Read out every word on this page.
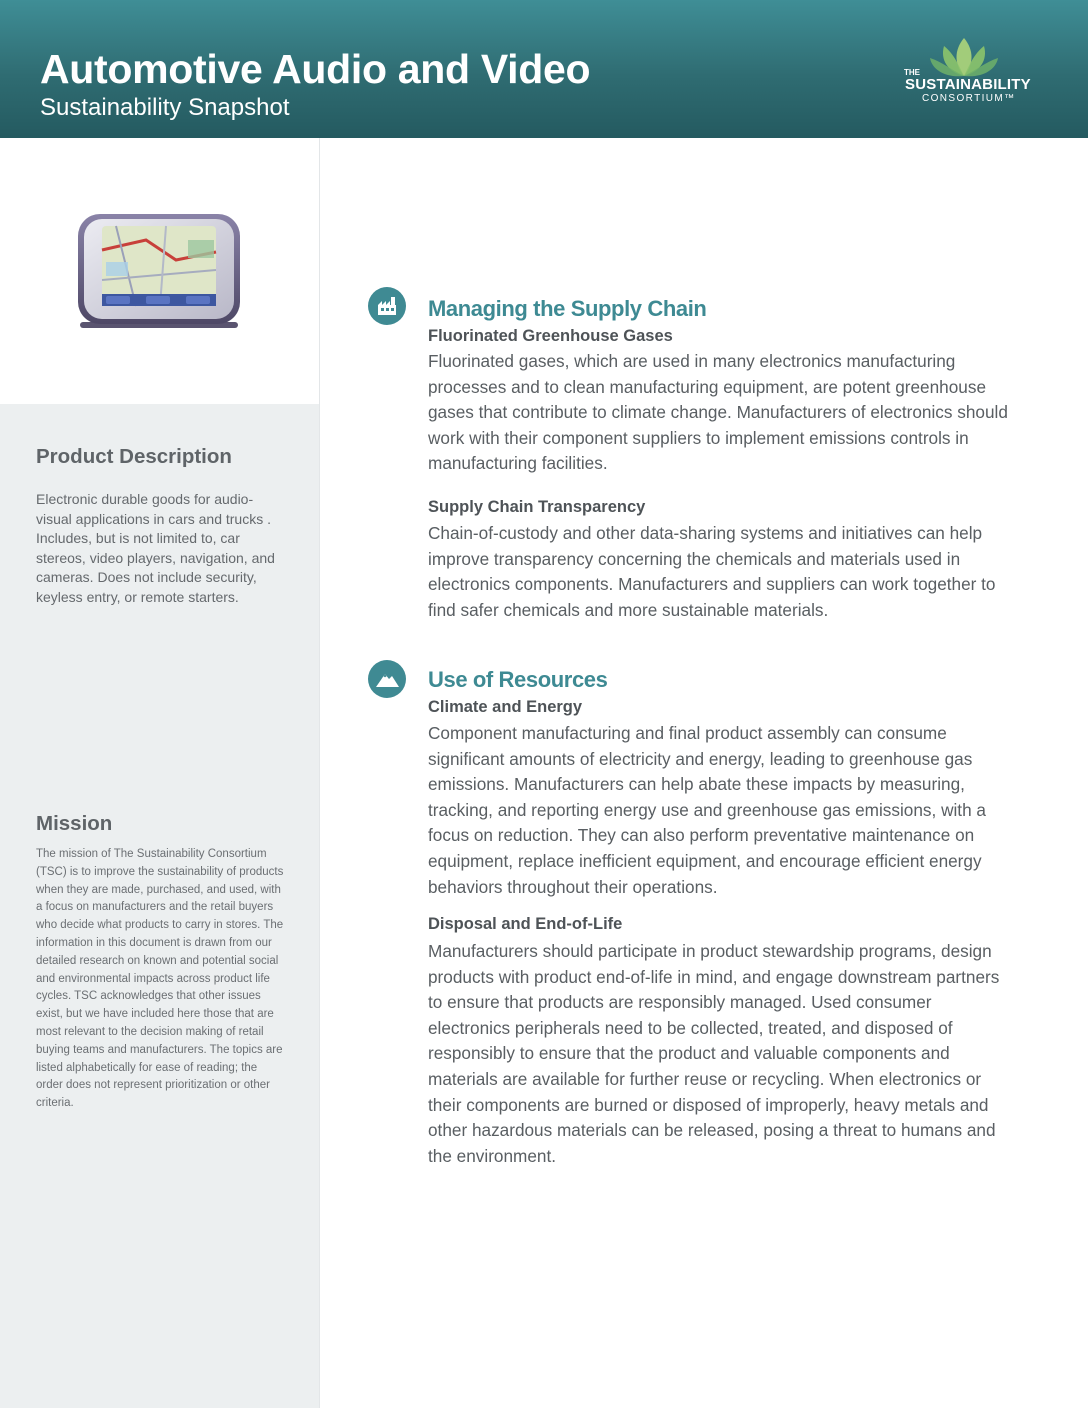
Automotive Audio and Video
Sustainability Snapshot
THE
SUSTAINABILITY
CONSORTIUM™
Product Description
Electronic durable goods for audio-visual applications in cars and trucks . Includes, but is not limited to, car stereos, video players, navigation, and cameras. Does not include security, keyless entry, or remote starters.
Mission
The mission of The Sustainability Consortium (TSC) is to improve the sustainability of products when they are made, purchased, and used, with a focus on manufacturers and the retail buyers who decide what products to carry in stores. The information in this document is drawn from our detailed research on known and potential social and environmental impacts across product life cycles. TSC acknowledges that other issues exist, but we have included here those that are most relevant to the decision making of retail buying teams and manufacturers. The topics are listed alphabetically for ease of reading; the order does not represent prioritization or other criteria.
Managing the Supply Chain
Fluorinated Greenhouse Gases
Fluorinated gases, which are used in many electronics manufacturing processes and to clean manufacturing equipment, are potent greenhouse gases that contribute to climate change. Manufacturers of electronics should work with their component suppliers to implement emissions controls in manufacturing facilities.
Supply Chain Transparency
Chain-of-custody and other data-sharing systems and initiatives can help improve transparency concerning the chemicals and materials used in electronics components. Manufacturers and suppliers can work together to find safer chemicals and more sustainable materials.
Use of Resources
Climate and Energy
Component manufacturing and final product assembly can consume significant amounts of electricity and energy, leading to greenhouse gas emissions. Manufacturers can help abate these impacts by measuring, tracking, and reporting energy use and greenhouse gas emissions, with a focus on reduction. They can also perform preventative maintenance on equipment, replace inefficient equipment, and encourage efficient energy behaviors throughout their operations.
Disposal and End-of-Life
Manufacturers should participate in product stewardship programs, design products with product end-of-life in mind, and engage downstream partners to ensure that products are responsibly managed. Used consumer electronics peripherals need to be collected, treated, and disposed of responsibly to ensure that the product and valuable components and materials are available for further reuse or recycling. When electronics or their components are burned or disposed of improperly, heavy metals and other hazardous materials can be released, posing a threat to humans and the environment.
